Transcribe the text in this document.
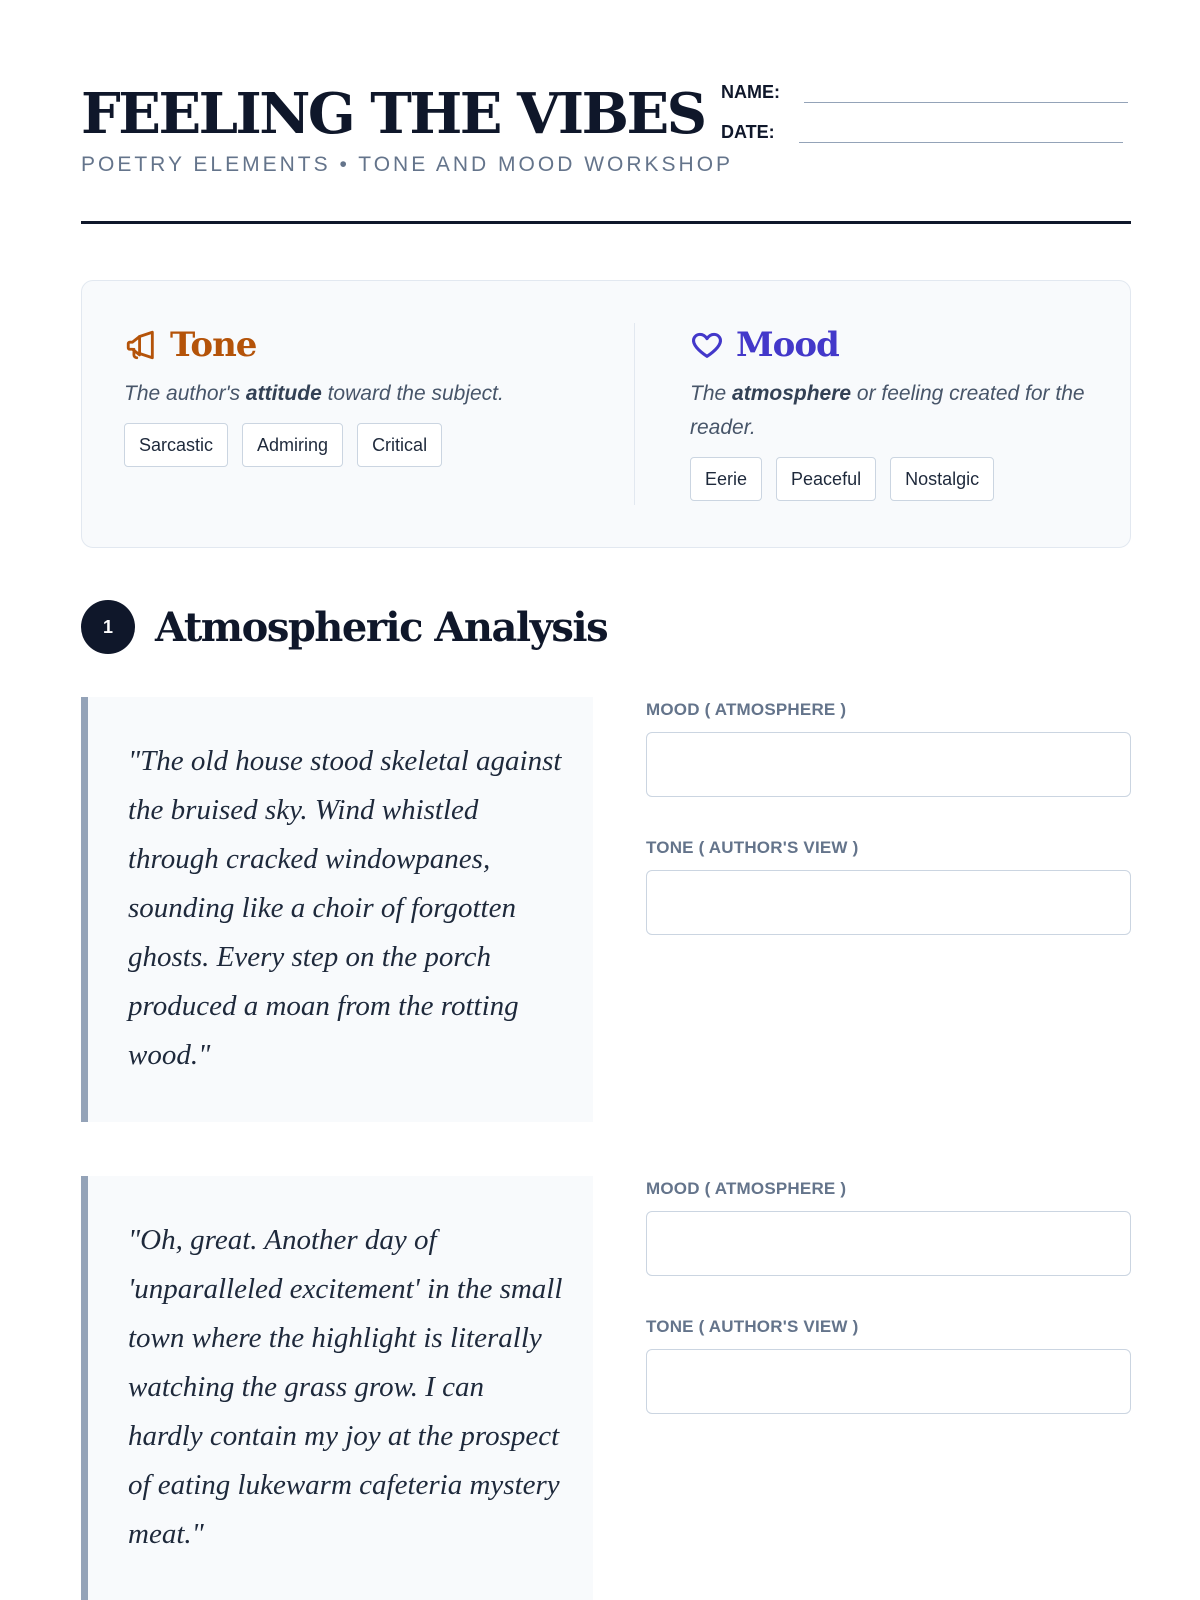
FEELING THE VIBES
POETRY ELEMENTS • TONE AND MOOD WORKSHOP
NAME:
DATE:
Tone
The author's attitude toward the subject.
Sarcastic	Admiring	Critical
Mood
The atmosphere or feeling created for the reader.
Eerie	Peaceful	Nostalgic
1	Atmospheric Analysis
"The old house stood skeletal against the bruised sky. Wind whistled through cracked windowpanes, sounding like a choir of forgotten ghosts. Every step on the porch produced a moan from the rotting wood."
MOOD ( ATMOSPHERE )
TONE ( AUTHOR'S VIEW )
"Oh, great. Another day of 'unparalleled excitement' in the small town where the highlight is literally watching the grass grow. I can hardly contain my joy at the prospect of eating lukewarm cafeteria mystery meat."
MOOD ( ATMOSPHERE )
TONE ( AUTHOR'S VIEW )
